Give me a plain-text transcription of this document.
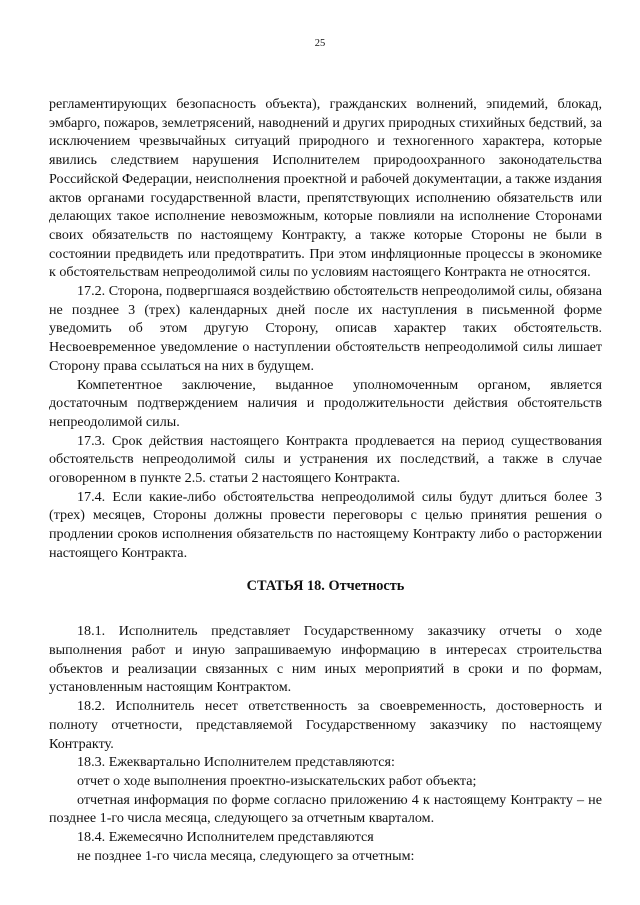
25

регламентирующих безопасность объекта), гражданских волнений, эпидемий, блокад, эмбарго, пожаров, землетрясений, наводнений и других природных стихийных бедствий, за исключением чрезвычайных ситуаций природного и техногенного характера, которые явились следствием нарушения Исполнителем природоохранного законодательства Российской Федерации, неисполнения проектной и рабочей документации, а также издания актов органами государственной власти, препятствующих исполнению обязательств или делающих такое исполнение невозможным, которые повлияли на исполнение Сторонами своих обязательств по настоящему Контракту, а также которые Стороны не были в состоянии предвидеть или предотвратить. При этом инфляционные процессы в экономике к обстоятельствам непреодолимой силы по условиям настоящего Контракта не относятся.

17.2. Сторона, подвергшаяся воздействию обстоятельств непреодолимой силы, обязана не позднее 3 (трех) календарных дней после их наступления в письменной форме уведомить об этом другую Сторону, описав характер таких обстоятельств. Несвоевременное уведомление о наступлении обстоятельств непреодолимой силы лишает Сторону права ссылаться на них в будущем.

Компетентное заключение, выданное уполномоченным органом, является достаточным подтверждением наличия и продолжительности действия обстоятельств непреодолимой силы.

17.3. Срок действия настоящего Контракта продлевается на период существования обстоятельств непреодолимой силы и устранения их последствий, а также в случае оговоренном в пункте 2.5. статьи 2 настоящего Контракта.

17.4. Если какие-либо обстоятельства непреодолимой силы будут длиться более 3 (трех) месяцев, Стороны должны провести переговоры с целью принятия решения о продлении сроков исполнения обязательств по настоящему Контракту либо о расторжении настоящего Контракта.

СТАТЬЯ 18. Отчетность

18.1. Исполнитель представляет Государственному заказчику отчеты о ходе выполнения работ и иную запрашиваемую информацию в интересах строительства объектов и реализации связанных с ним иных мероприятий в сроки и по формам, установленным настоящим Контрактом.

18.2. Исполнитель несет ответственность за своевременность, достоверность и полноту отчетности, представляемой Государственному заказчику по настоящему Контракту.

18.3. Ежеквартально Исполнителем представляются:

отчет о ходе выполнения проектно-изыскательских работ объекта;

отчетная информация по форме согласно приложению 4 к настоящему Контракту – не позднее 1-го числа месяца, следующего за отчетным кварталом.

18.4. Ежемесячно Исполнителем представляются

не позднее 1-го числа месяца, следующего за отчетным:
